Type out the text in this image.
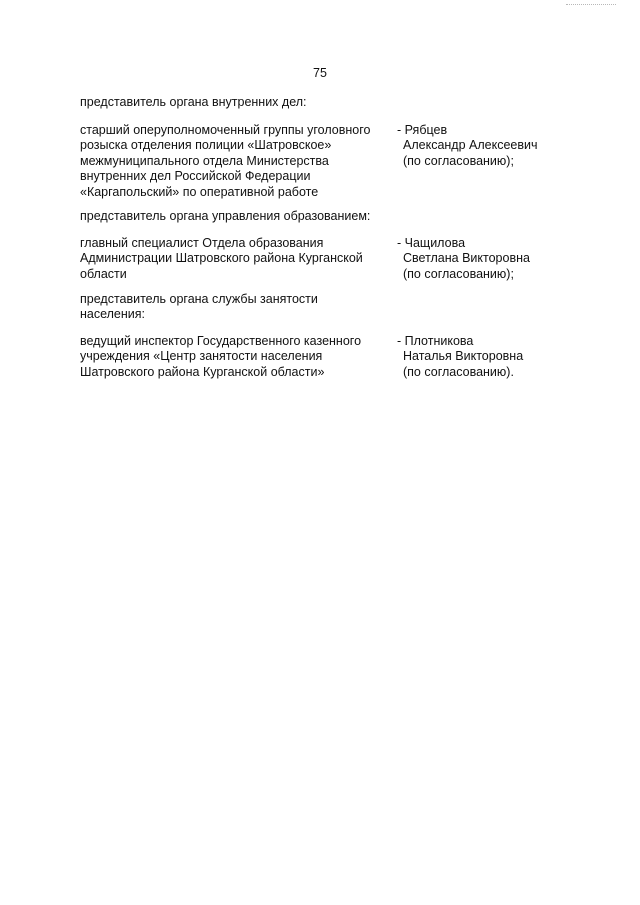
75
представитель органа внутренних дел:
старший оперуполномоченный группы уголовного
розыска отделения полиции «Шатровское»
межмуниципального отдела Министерства
внутренних дел Российской Федерации
«Каргапольский» по оперативной работе
- Рябцев
Александр Алексеевич
(по согласованию);
представитель органа управления образованием:
главный специалист Отдела образования
Администрации Шатровского района Курганской
области
- Чащилова
Светлана Викторовна
(по согласованию);
представитель органа службы занятости
населения:
ведущий инспектор Государственного казенного
учреждения «Центр занятости населения
Шатровского района Курганской области»
- Плотникова
Наталья Викторовна
(по согласованию).
